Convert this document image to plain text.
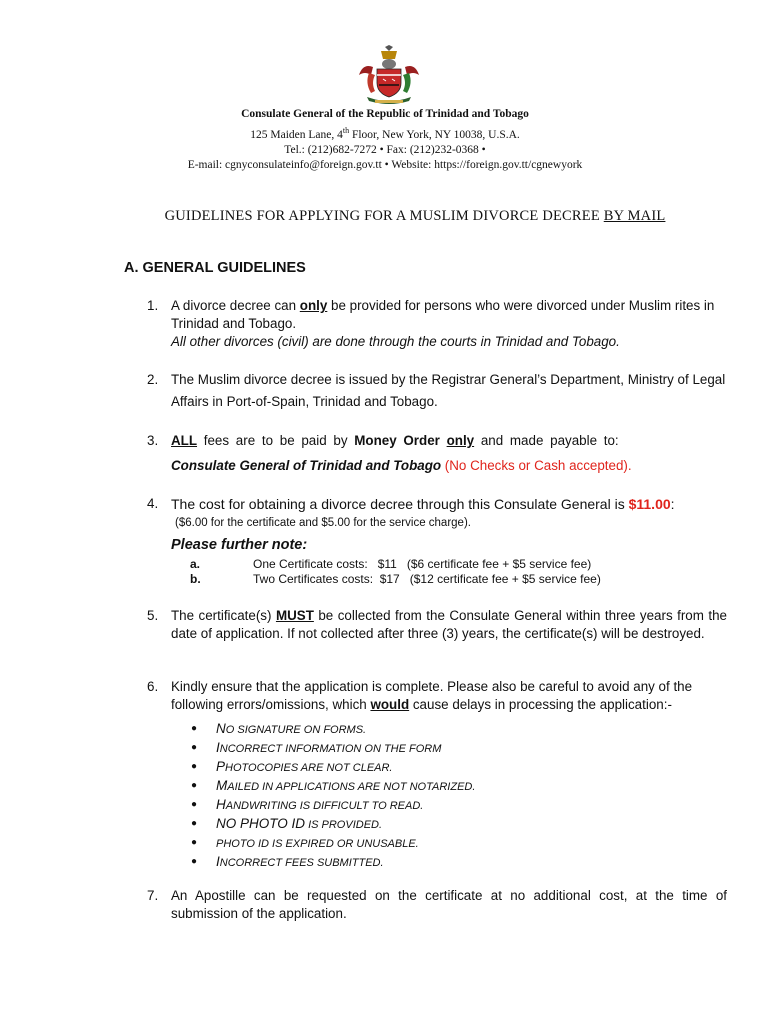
Consulate General of the Republic of Trinidad and Tobago
125 Maiden Lane, 4th Floor, New York, NY 10038, U.S.A.
Tel.: (212)682-7272 • Fax: (212)232-0368 •
E-mail: cgnyconsulateinfo@foreign.gov.tt • Website: https://foreign.gov.tt/cgnewyork
GUIDELINES FOR APPLYING FOR A MUSLIM DIVORCE DECREE BY MAIL
A. GENERAL GUIDELINES
1. A divorce decree can only be provided for persons who were divorced under Muslim rites in Trinidad and Tobago.
All other divorces (civil) are done through the courts in Trinidad and Tobago.
2. The Muslim divorce decree is issued by the Registrar General’s Department, Ministry of Legal Affairs in Port-of-Spain, Trinidad and Tobago.
3. ALL fees are to be paid by Money Order only and made payable to:
Consulate General of Trinidad and Tobago (No Checks or Cash accepted).
4. The cost for obtaining a divorce decree through this Consulate General is $11.00:
($6.00 for the certificate and $5.00 for the service charge).
Please further note:
a.	One Certificate costs:   $11   ($6 certificate fee + $5 service fee)
b.	Two Certificates costs:  $17   ($12 certificate fee + $5 service fee)
5. The certificate(s) MUST be collected from the Consulate General within three years from the date of application. If not collected after three (3) years, the certificate(s) will be destroyed.
6. Kindly ensure that the application is complete. Please also be careful to avoid any of the following errors/omissions, which would cause delays in processing the application:-
● NO SIGNATURE ON FORMS.
● INCORRECT INFORMATION ON THE FORM
● PHOTOCOPIES ARE NOT CLEAR.
● MAILED IN APPLICATIONS ARE NOT NOTARIZED.
● HANDWRITING IS DIFFICULT TO READ.
● NO PHOTO ID IS PROVIDED.
● PHOTO ID IS EXPIRED OR UNUSABLE.
● INCORRECT FEES SUBMITTED.
7. An Apostille can be requested on the certificate at no additional cost, at the time of submission of the application.
